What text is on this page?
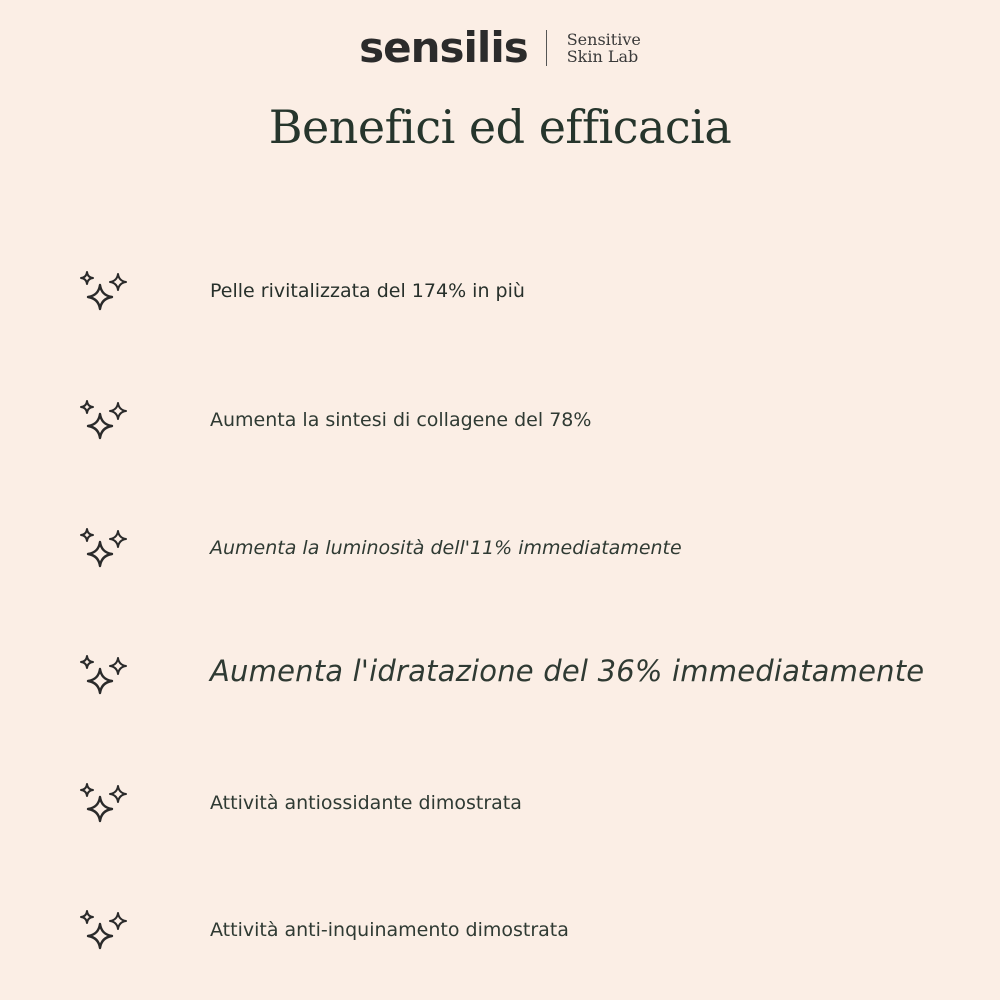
sensilis Sensitive
Skin Lab
Benefici ed efficacia
Pelle rivitalizzata del 174% in più
Aumenta la sintesi di collagene del 78%
Aumenta la luminosità dell'11% immediatamente
Aumenta l'idratazione del 36% immediatamente
Attività antiossidante dimostrata
Attività anti-inquinamento dimostrata
